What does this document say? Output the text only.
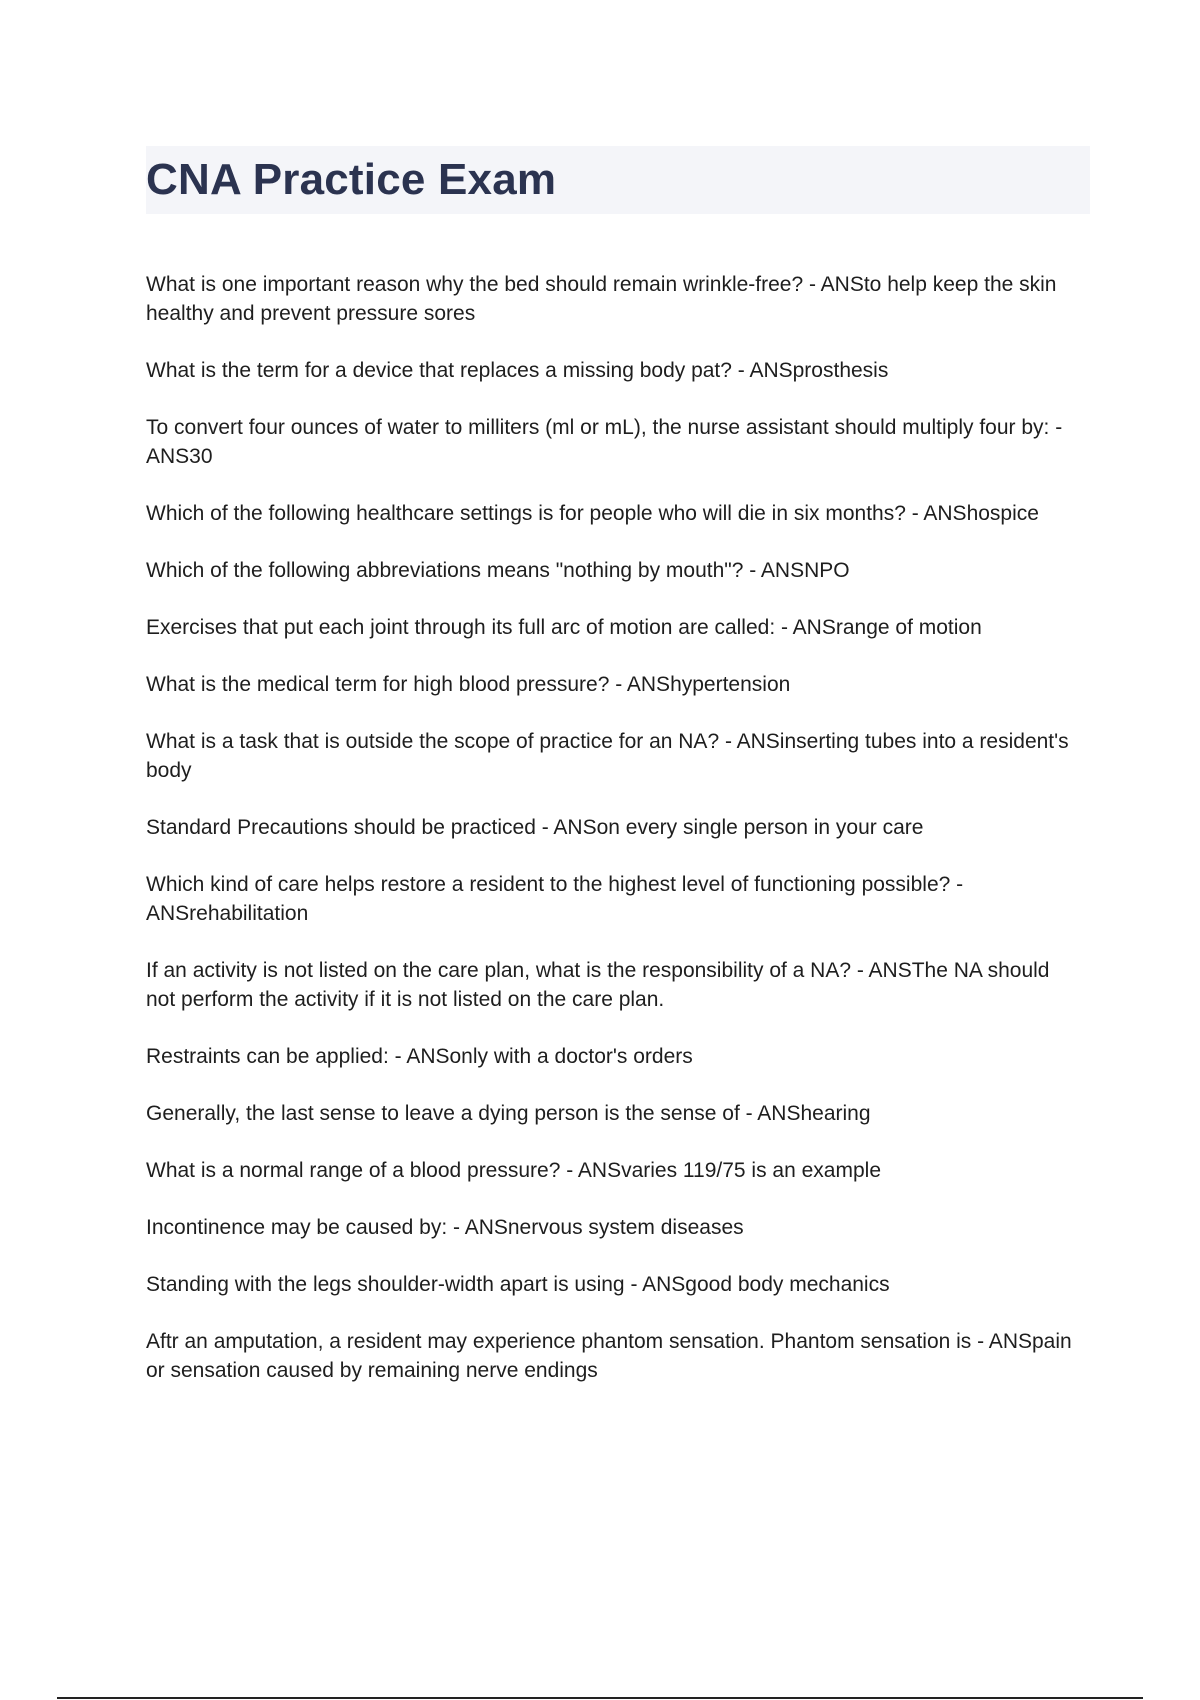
CNA Practice Exam
What is one important reason why the bed should remain wrinkle-free? - ANSto help keep the skin healthy and prevent pressure sores
What is the term for a device that replaces a missing body pat? - ANSprosthesis
To convert four ounces of water to milliters (ml or mL), the nurse assistant should multiply four by: - ANS30
Which of the following healthcare settings is for people who will die in six months? - ANShospice
Which of the following abbreviations means "nothing by mouth"? - ANSNPO
Exercises that put each joint through its full arc of motion are called: - ANSrange of motion
What is the medical term for high blood pressure? - ANShypertension
What is a task that is outside the scope of practice for an NA? - ANSinserting tubes into a resident's body
Standard Precautions should be practiced - ANSon every single person in your care
Which kind of care helps restore a resident to the highest level of functioning possible? - ANSrehabilitation
If an activity is not listed on the care plan, what is the responsibility of a NA? - ANSThe NA should not perform the activity if it is not listed on the care plan.
Restraints can be applied: - ANSonly with a doctor's orders
Generally, the last sense to leave a dying person is the sense of - ANShearing
What is a normal range of a blood pressure? - ANSvaries 119/75 is an example
Incontinence may be caused by: - ANSnervous system diseases
Standing with the legs shoulder-width apart is using - ANSgood body mechanics
Aftr an amputation, a resident may experience phantom sensation. Phantom sensation is - ANSpain or sensation caused by remaining nerve endings
